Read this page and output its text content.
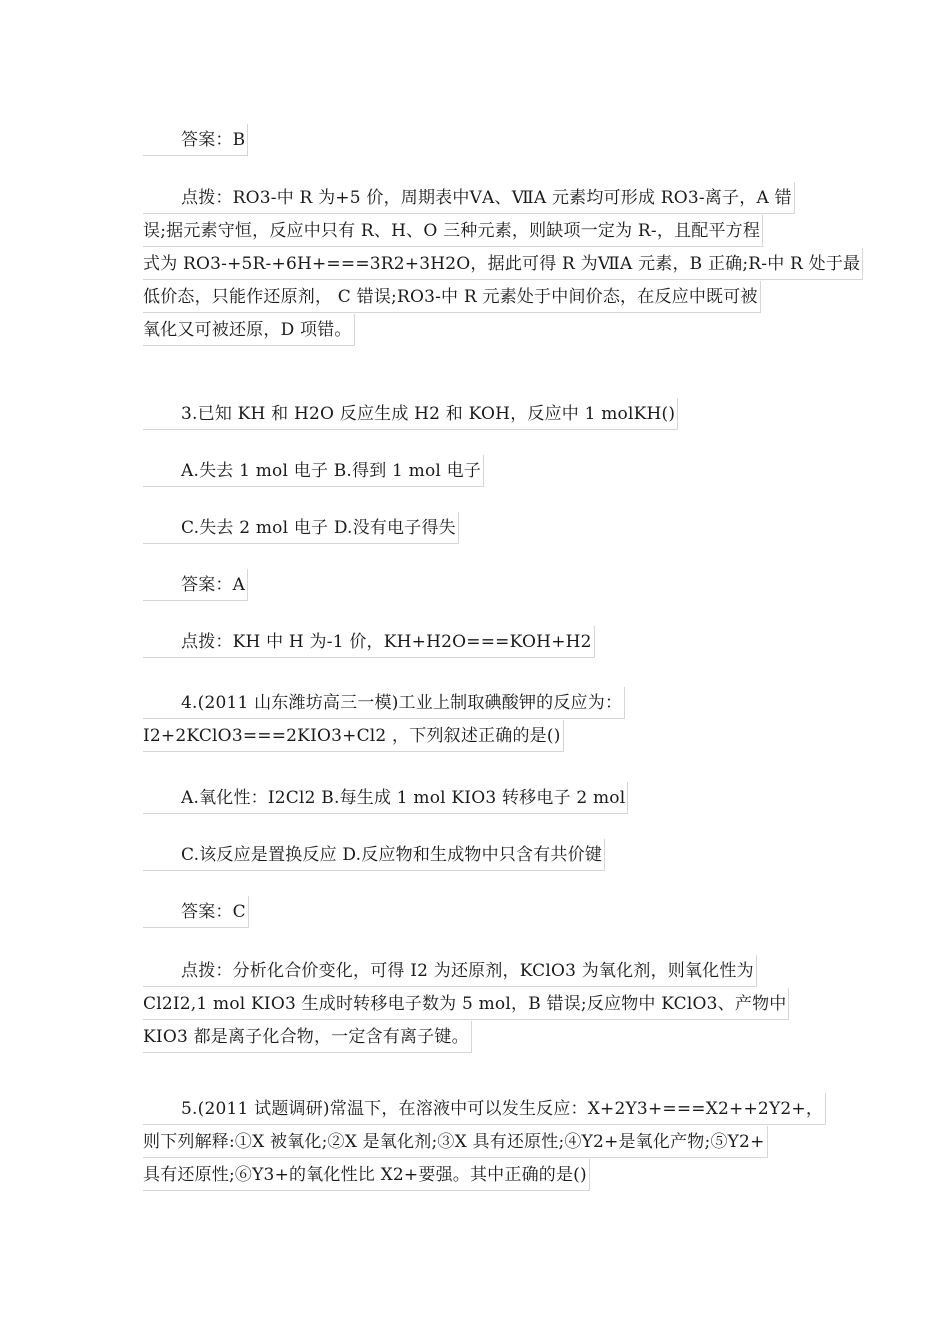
答案：B
点拨：RO3-中 R 为+5 价，周期表中ⅤA、ⅦA 元素均可形成 RO3-离子，A 错
误;据元素守恒，反应中只有 R、H、O 三种元素，则缺项一定为 R-，且配平方程
式为 RO3-+5R-+6H+===3R2+3H2O，据此可得 R 为ⅦA 元素，B 正确;R-中 R 处于最
低价态，只能作还原剂， C 错误;RO3-中 R 元素处于中间价态，在反应中既可被
氧化又可被还原，D 项错。
3.已知 KH 和 H2O 反应生成 H2 和 KOH，反应中 1 molKH()
A.失去 1 mol 电子 B.得到 1 mol 电子
C.失去 2 mol 电子 D.没有电子得失
答案：A
点拨：KH 中 H 为-1 价，KH+H2O===KOH+H2
4.(2011 山东潍坊高三一模)工业上制取碘酸钾的反应为：
I2+2KClO3===2KIO3+Cl2 ，下列叙述正确的是()
A.氧化性：I2Cl2 B.每生成 1 mol KIO3 转移电子 2 mol
C.该反应是置换反应 D.反应物和生成物中只含有共价键
答案：C
点拨：分析化合价变化，可得 I2 为还原剂，KClO3 为氧化剂，则氧化性为
Cl2I2,1 mol KIO3 生成时转移电子数为 5 mol，B 错误;反应物中 KClO3、产物中
KIO3 都是离子化合物，一定含有离子键。
5.(2011 试题调研)常温下，在溶液中可以发生反应：X+2Y3+===X2++2Y2+，
则下列解释:①X 被氧化;②X 是氧化剂;③X 具有还原性;④Y2+是氧化产物;⑤Y2+
具有还原性;⑥Y3+的氧化性比 X2+要强。其中正确的是()
